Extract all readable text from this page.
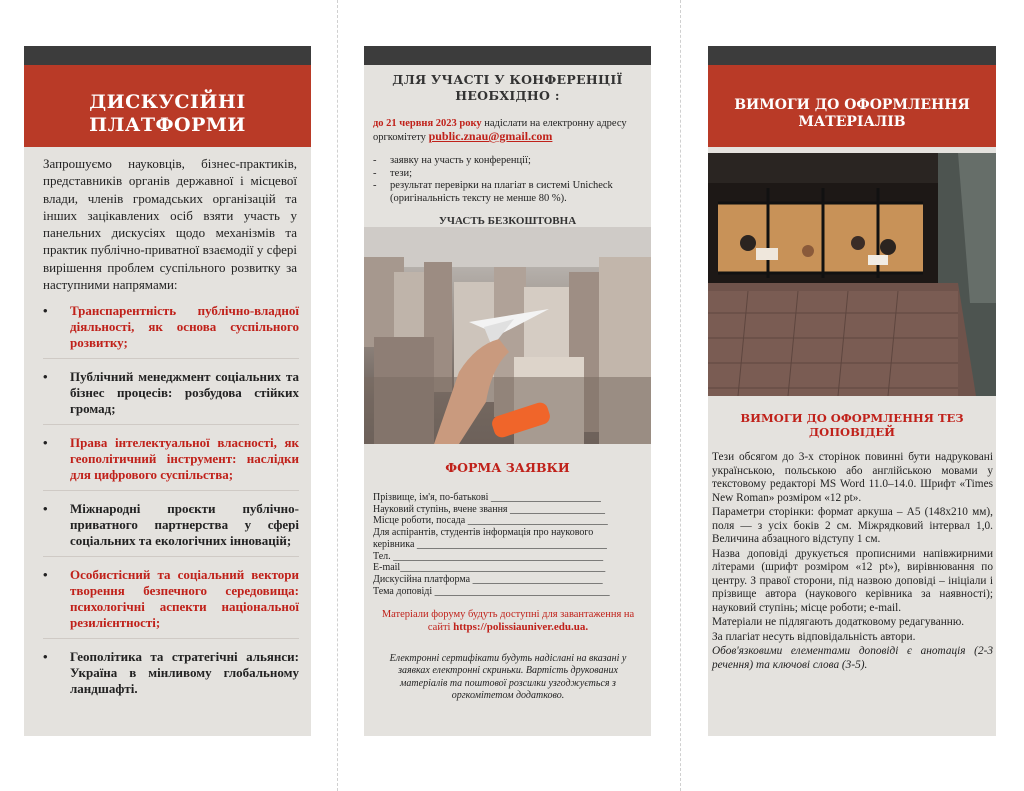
ДИСКУСІЙНІ ПЛАТФОРМИ
Запрошуємо науковців, бізнес-практиків, представників органів державної і місцевої влади, членів громадських організацій та інших зацікавлених осіб взяти участь у панельних дискусіях щодо механізмів та практик публічно-приватної взаємодії у сфері вирішення проблем суспільного розвитку за наступними напрямами:
• Транспарентність публічно-владної діяльності, як основа суспільного розвитку;
• Публічний менеджмент соціальних та бізнес процесів: розбудова стійких громад;
• Права інтелектуальної власності, як геополітичний інструмент: наслідки для цифрового суспільства;
• Міжнародні проєкти публічно-приватного партнерства у сфері соціальних та екологічних інновацій;
• Особистісний та соціальний вектори творення безпечного середовища: психологічні аспекти національної резилієнтності;
• Геополітика та стратегічні альянси: Україна в мінливому глобальному ландшафті.
ДЛЯ УЧАСТІ У КОНФЕРЕНЦІЇ НЕОБХІДНО :
до 21 червня 2023 року надіслати на електронну адресу оргкомітету public.znau@gmail.com
- заявку на участь у конференції;
- тези;
- результат перевірки на плагіат в системі Unicheck (оригінальність тексту не менше 80 %).
УЧАСТЬ БЕЗКОШТОВНА
ФОРМА ЗАЯВКИ
Прізвище, ім'я, по-батькові ______________________
Науковий ступінь, вчене звання ___________________
Місце роботи, посада ____________________________
Для аспірантів, студентів інформація про наукового
керівника ______________________________________
Тел. __________________________________________
E-mail_________________________________________
Дискусійна платформа __________________________
Тема доповіді ___________________________________
Матеріали форуму будуть доступні для завантаження на сайті https://polissiauniver.edu.ua.
Електронні сертифікати будуть надіслані на вказані у заявках електронні скриньки. Вартість друкованих матеріалів та поштової розсилки узгоджується з оргкомітетом додатково.
ВИМОГИ ДО ОФОРМЛЕННЯ МАТЕРІАЛІВ
ВИМОГИ ДО ОФОРМЛЕННЯ ТЕЗ ДОПОВІДЕЙ

Тези обсягом до 3-х сторінок повинні бути надруковані українською, польською або англійською мовами у текстовому редакторі MS Word 11.0–14.0. Шрифт «Times New Roman» розміром «12 pt».

Параметри сторінки: формат аркуша – А5 (148x210 мм), поля — з усіх боків 2 см. Міжрядковий інтервал 1,0. Величина абзацного відступу 1 см.

Назва доповіді друкується прописними напівжирними літерами (шрифт розміром «12 pt»), вирівнювання по центру. З правої сторони, під назвою доповіді – ініціали і прізвище автора (наукового керівника за наявності); науковий ступінь; місце роботи; e-mail.

Матеріали не підлягають додатковому редагуванню.

За плагіат несуть відповідальність автори.

Обов'язковими елементами доповіді є анотація (2-3 речення) та ключові слова (3-5).
